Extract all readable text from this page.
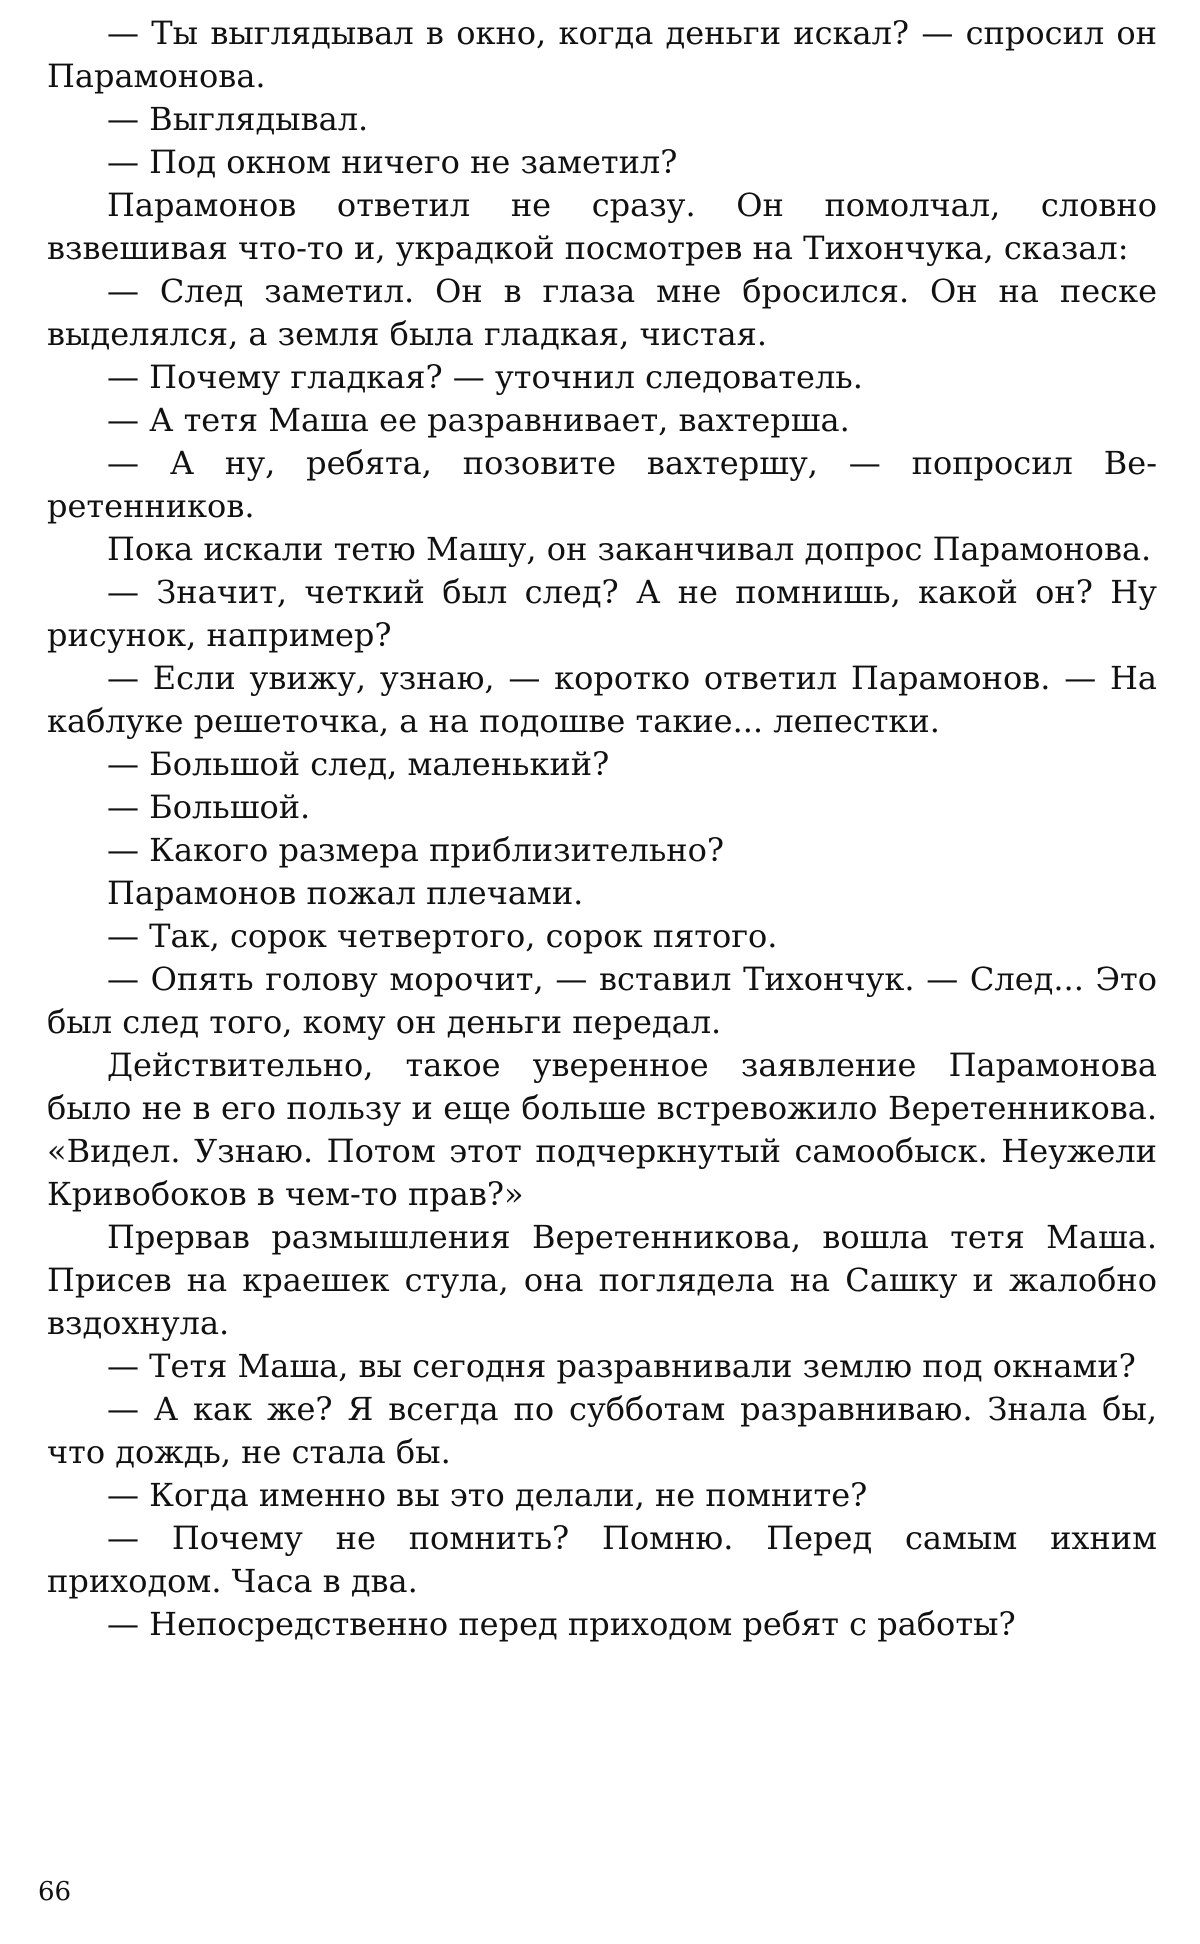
— Ты выглядывал в окно, когда деньги искал? — спросил он Парамонова.

— Выглядывал.

— Под окном ничего не заметил?

Парамонов ответил не сразу. Он помолчал, словно взвешивая что-то и, украдкой посмотрев на Тихончука, сказал:

— След заметил. Он в глаза мне бросился. Он на песке выделялся, а земля была гладкая, чистая.

— Почему гладкая? — уточнил следователь.

— А тетя Маша ее разравнивает, вахтерша.

— А ну, ребята, позовите вахтершу, — попросил Веретенников.

Пока искали тетю Машу, он заканчивал допрос Парамонова.

— Значит, четкий был след? А не помнишь, какой он? Ну рисунок, например?

— Если увижу, узнаю, — коротко ответил Парамонов. — На каблуке решеточка, а на подошве такие... лепестки.

— Большой след, маленький?

— Большой.

— Какого размера приблизительно?

Парамонов пожал плечами.

— Так, сорок четвертого, сорок пятого.

— Опять голову морочит, — вставил Тихончук. — След... Это был след того, кому он деньги передал.

Действительно, такое уверенное заявление Парамонова было не в его пользу и еще больше встревожило Веретенникова. «Видел. Узнаю. Потом этот подчеркнутый самообыск. Неужели Кривобоков в чем-то прав?»

Прервав размышления Веретенникова, вошла тетя Маша. Присев на краешек стула, она поглядела на Сашку и жалобно вздохнула.

— Тетя Маша, вы сегодня разравнивали землю под окнами?

— А как же? Я всегда по субботам разравниваю. Знала бы, что дождь, не стала бы.

— Когда именно вы это делали, не помните?

— Почему не помнить? Помню. Перед самым ихним приходом. Часа в два.

— Непосредственно перед приходом ребят с работы?

66
